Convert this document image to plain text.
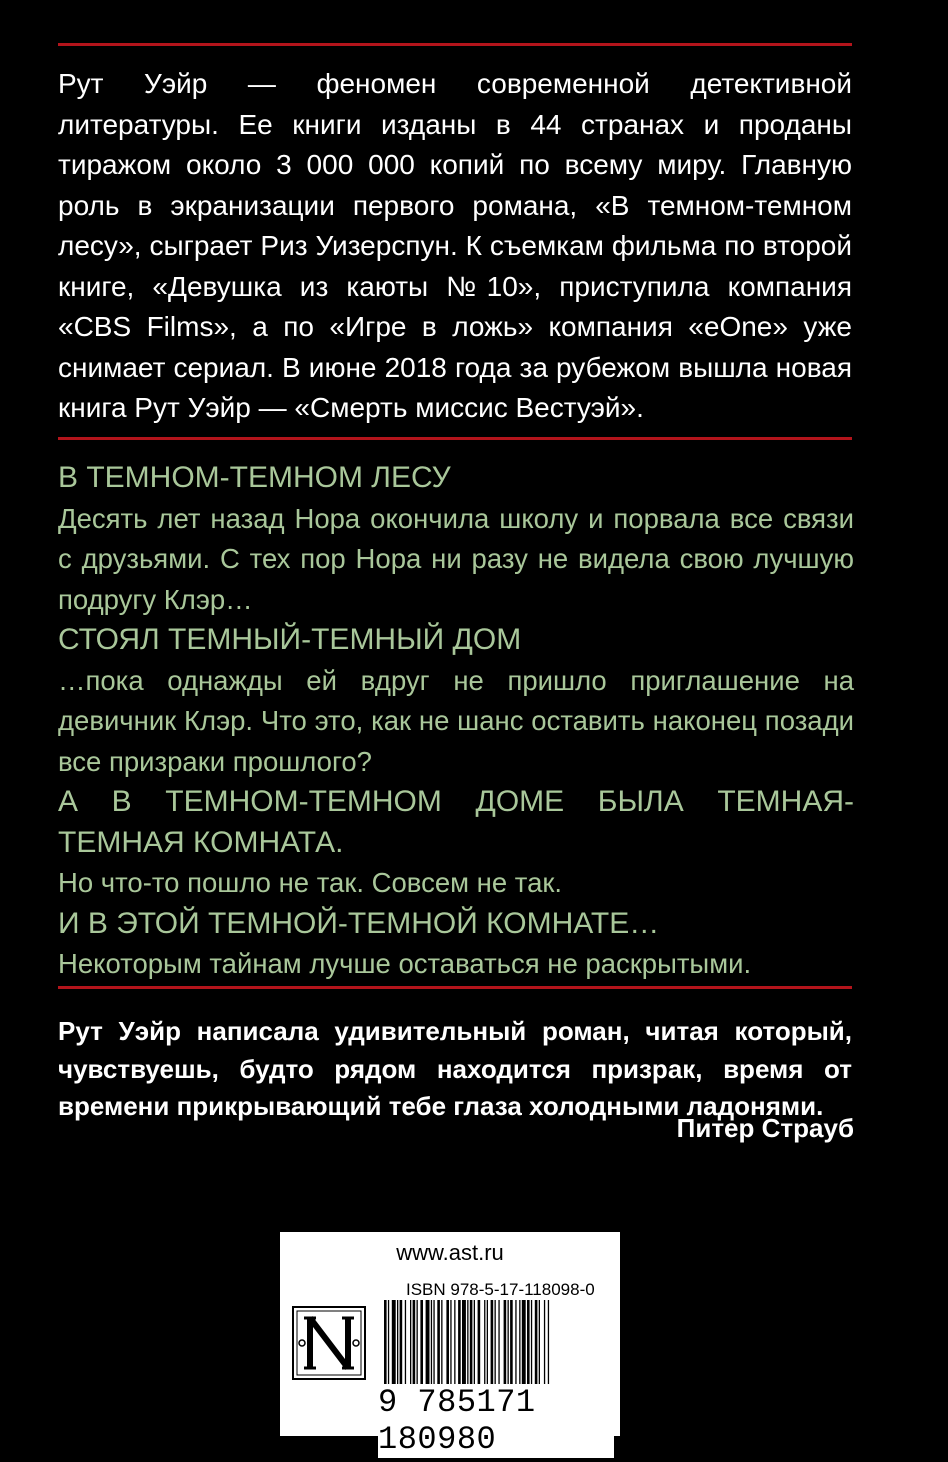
Рут Уэйр — феномен современной детективной литературы. Ее книги изданы в 44 странах и проданы тиражом около 3 000 000 копий по всему миру. Главную роль в экранизации первого романа, «В темном-темном лесу», сыграет Риз Уизерспун. К съемкам фильма по второй книге, «Девушка из каюты №10», приступила компания «CBS Films», а по «Игре в ложь» компания «eOne» уже снимает сериал. В июне 2018 года за рубежом вышла новая книга Рут Уэйр — «Смерть миссис Вестуэй».

В ТЕМНОМ-ТЕМНОМ ЛЕСУ

Десять лет назад Нора окончила школу и порвала все связи с друзьями. С тех пор Нора ни разу не видела свою лучшую подругу Клэр…

СТОЯЛ ТЕМНЫЙ-ТЕМНЫЙ ДОМ

…пока однажды ей вдруг не пришло приглашение на девичник Клэр. Что это, как не шанс оставить наконец позади все призраки прошлого?

А В ТЕМНОМ-ТЕМНОМ ДОМЕ БЫЛА ТЕМНАЯ-ТЕМНАЯ КОМНАТА.

Но что-то пошло не так. Совсем не так.

И В ЭТОЙ ТЕМНОЙ-ТЕМНОЙ КОМНАТЕ…

Некоторым тайнам лучше оставаться не раскрытыми.

Рут Уэйр написала удивительный роман, читая который, чувствуешь, будто рядом находится призрак, время от времени прикрывающий тебе глаза холодными ладонями.
Питер Страуб
www.ast.ru
ISBN 978-5-17-118098-0
9 785171 180980
